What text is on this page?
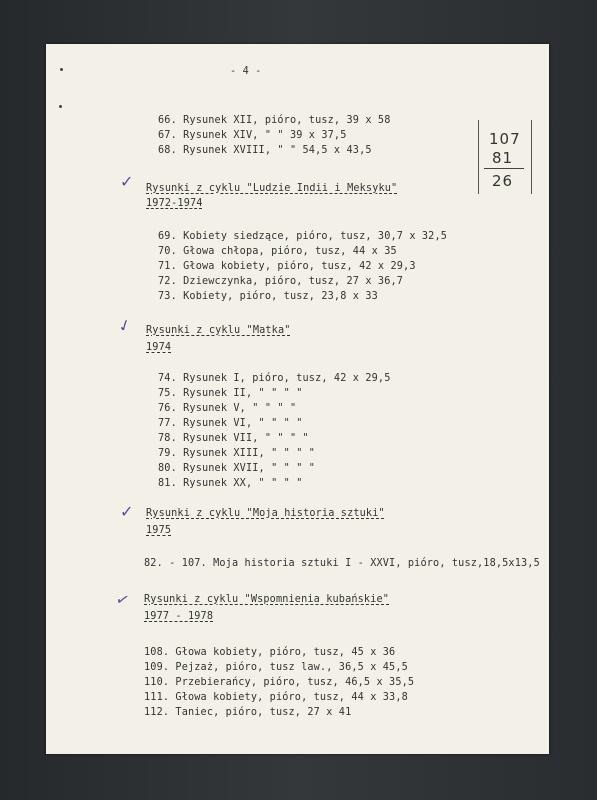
- 4 -
66. Rysunek XII, pióro, tusz, 39 x 58
67. Rysunek XIV, " " 39 x 37,5
68. Rysunek XVIII, " " 54,5 x 43,5
107
81
26
✓ Rysunki z cyklu "Ludzie Indii i Meksyku"
1972-1974
69. Kobiety siedzące, pióro, tusz, 30,7 x 32,5
70. Głowa chłopa, pióro, tusz, 44 x 35
71. Głowa kobiety, pióro, tusz, 42 x 29,3
72. Dziewczynka, pióro, tusz, 27 x 36,7
73. Kobiety, pióro, tusz, 23,8 x 33
✓ Rysunki z cyklu "Matka"
1974
74. Rysunek I, pióro, tusz, 42 x 29,5
75. Rysunek II, " " " "
76. Rysunek V, " " " "
77. Rysunek VI, " " " "
78. Rysunek VII, " " " "
79. Rysunek XIII, " " " "
80. Rysunek XVII, " " " "
81. Rysunek XX, " " " "
✓ Rysunki z cyklu "Moja historia sztuki"
1975
82. - 107. Moja historia sztuki I - XXVI, pióro, tusz,18,5x13,5
✓ Rysunki z cyklu "Wspomnienia kubańskie"
1977 - 1978
108. Głowa kobiety, pióro, tusz, 45 x 36
109. Pejzaż, pióro, tusz law., 36,5 x 45,5
110. Przebierańcy, pióro, tusz, 46,5 x 35,5
111. Głowa kobiety, pióro, tusz, 44 x 33,8
112. Taniec, pióro, tusz, 27 x 41
